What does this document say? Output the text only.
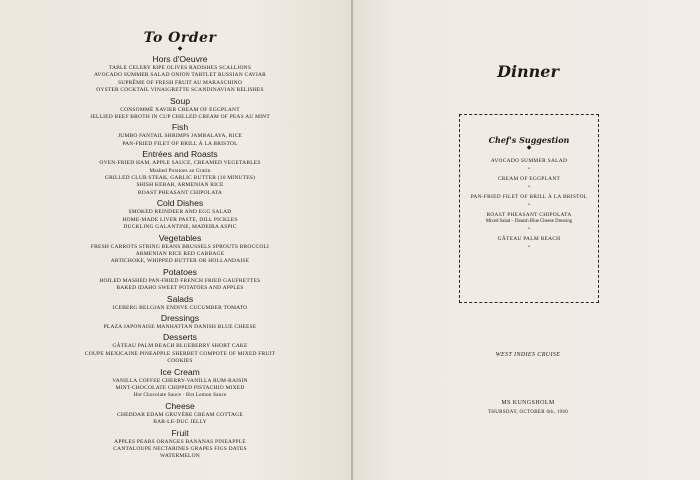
To Order
◆
Hors d'Oeuvre
TABLE CELERY RIPE OLIVES RADISHES SCALLIONS
AVOCADO SUMMER SALAD ONION TARTLET RUSSIAN CAVIAR
SUPRÊME OF FRESH FRUIT AU MARASCHINO
OYSTER COCKTAIL VINAIGRETTE SCANDINAVIAN RELISHES
Soup
CONSOMMÉ XAVIER CREAM OF EGGPLANT
JELLIED BEEF BROTH IN CUP CHILLED CREAM OF PEAS AU MINT
Fish
JUMBO FANTAIL SHRIMPS JAMBALAYA, RICE
PAN-FRIED FILET OF BRILL À LA BRISTOL
Entrées and Roasts
OVEN-FRIED HAM, APPLE SAUCE, CREAMED VEGETABLES
Mashed Potatoes au Gratin
GRILLED CLUB STEAK, GARLIC BUTTER (10 MINUTES)
SHISH KEBAB, ARMENIAN RICE
ROAST PHEASANT CHIPOLATA
Cold Dishes
SMOKED REINDEER AND EGG SALAD
HOME-MADE LIVER PASTE, DILL PICKLES
DUCKLING GALANTINE, MADEIRA ASPIC
Vegetables
FRESH CARROTS STRING BEANS BRUSSELS SPROUTS BROCCOLI
ARMENIAN RICE RED CABBAGE
ARTICHOKE, WHIPPED BUTTER OR HOLLANDAISE
Potatoes
BOILED MASHED PAN-FRIED FRENCH FRIED GAUFRETTES
BAKED IDAHO SWEET POTATOES AND APPLES
Salads
ICEBERG BELGIAN ENDIVE CUCUMBER TOMATO
Dressings
PLAZA JAPONAISE MANHATTAN DANISH BLUE CHEESE
Desserts
GÂTEAU PALM BEACH BLUEBERRY SHORT CAKE
COUPE MEXICAINE PINEAPPLE SHERBET COMPOTE OF MIXED FRUIT
COOKIES
Ice Cream
VANILLA COFFEE CHERRY-VANILLA RUM-RAISIN
MINT-CHOCOLATE CHIPPED PISTACHIO MIXED
Hot Chocolate Sauce · Hot Lemon Sauce
Cheese
CHEDDAR EDAM GRUYÈRE CREAM COTTAGE
BAR-LE-DUC JELLY
Fruit
APPLES PEARS ORANGES BANANAS PINEAPPLE
CANTALOUPE NECTARINES GRAPES FIGS DATES
WATERMELON
Dinner
Chef's Suggestion
◆
AVOCADO SUMMER SALAD
•
CREAM OF EGGPLANT
•
PAN-FRIED FILET OF BRILL À LA BRISTOL
•
ROAST PHEASANT CHIPOLATA
Mixed Salad – Danish Blue Cheese Dressing
•
GÂTEAU PALM BEACH
•
WEST INDIES CRUISE
MS KUNGSHOLM
THURSDAY, OCTOBER 6th, 1960
